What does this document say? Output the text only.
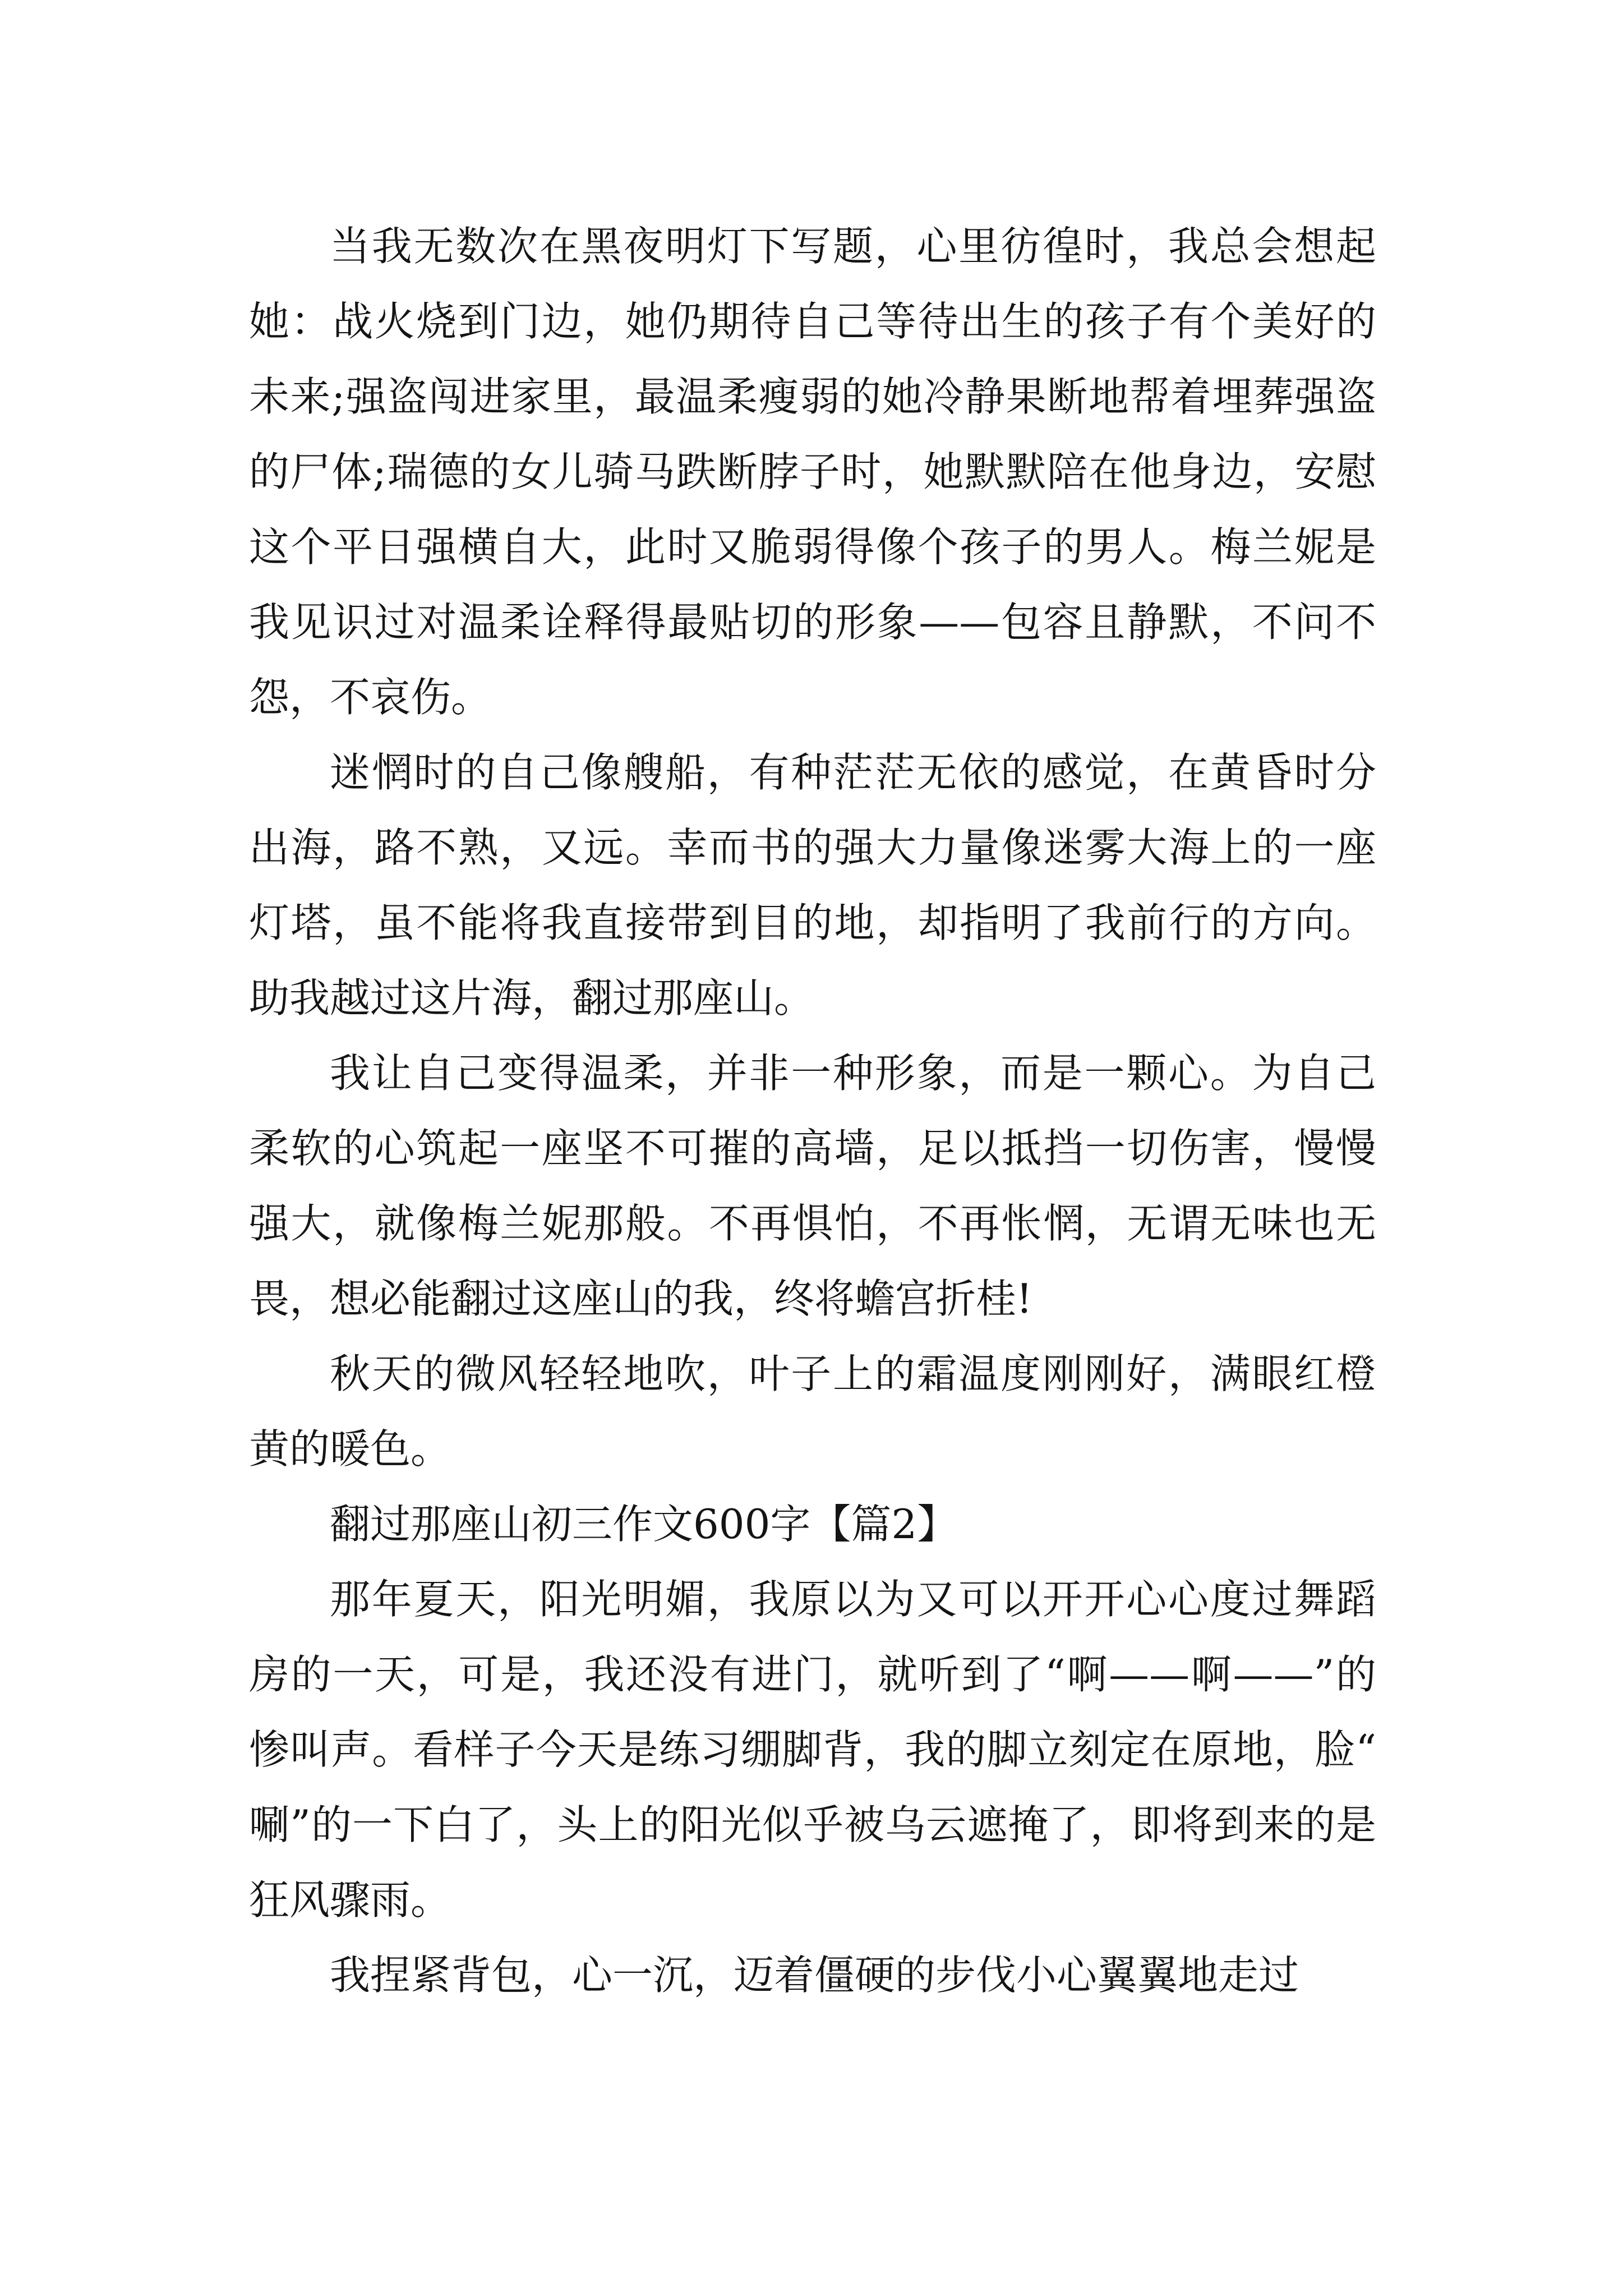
当我无数次在黑夜明灯下写题，心里彷徨时，我总会想起她：战火烧到门边，她仍期待自己等待出生的孩子有个美好的未来;强盗闯进家里，最温柔瘦弱的她冷静果断地帮着埋葬强盗的尸体;瑞德的女儿骑马跌断脖子时，她默默陪在他身边，安慰这个平日强横自大，此时又脆弱得像个孩子的男人。梅兰妮是我见识过对温柔诠释得最贴切的形象——包容且静默，不问不怨，不哀伤。

迷惘时的自己像艘船，有种茫茫无依的感觉，在黄昏时分出海，路不熟，又远。幸而书的强大力量像迷雾大海上的一座灯塔，虽不能将我直接带到目的地，却指明了我前行的方向。助我越过这片海，翻过那座山。

我让自己变得温柔，并非一种形象，而是一颗心。为自己柔软的心筑起一座坚不可摧的高墙，足以抵挡一切伤害，慢慢强大，就像梅兰妮那般。不再惧怕，不再怅惘，无谓无味也无畏，想必能翻过这座山的我，终将蟾宫折桂!

秋天的微风轻轻地吹，叶子上的霜温度刚刚好，满眼红橙黄的暖色。

翻过那座山初三作文600字【篇2】

那年夏天，阳光明媚，我原以为又可以开开心心度过舞蹈房的一天，可是，我还没有进门，就听到了“啊——啊——”的惨叫声。看样子今天是练习绷脚背，我的脚立刻定在原地，脸“唰”的一下白了，头上的阳光似乎被乌云遮掩了，即将到来的是狂风骤雨。

我捏紧背包，心一沉，迈着僵硬的步伐小心翼翼地走过
